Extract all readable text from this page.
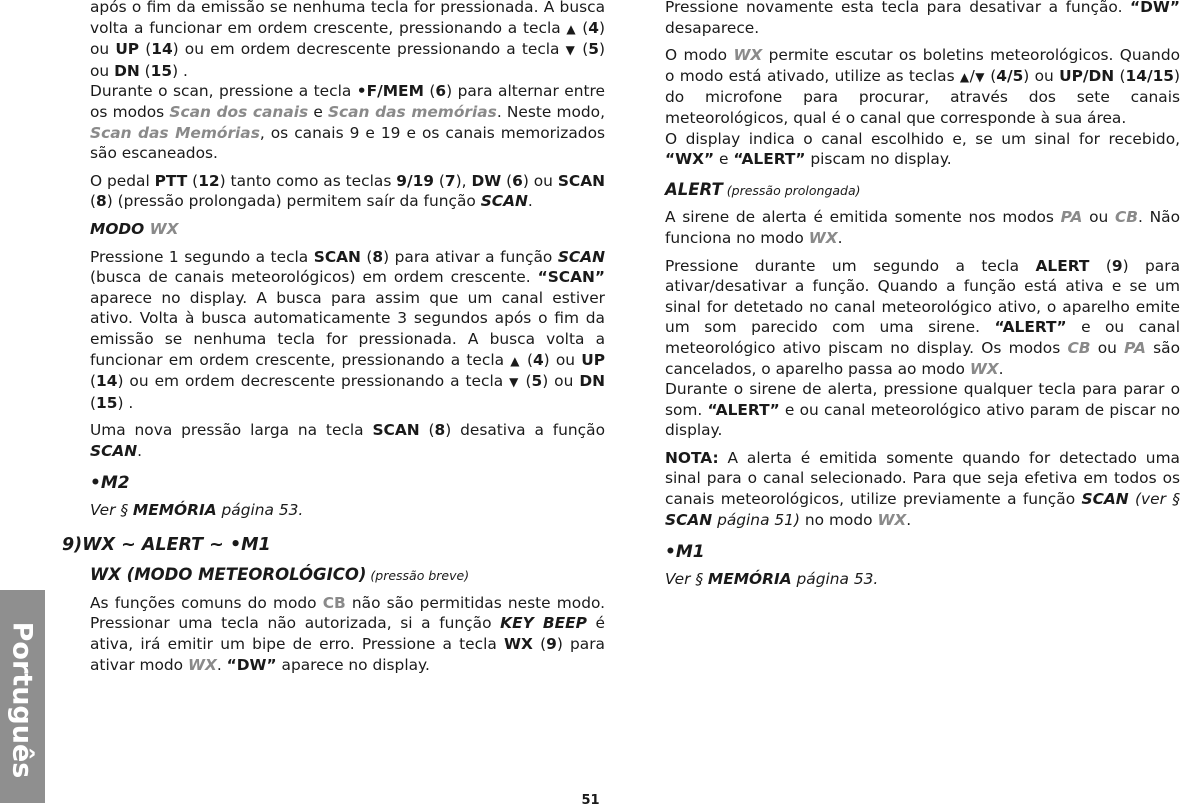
Português
após o fim da emissão se nenhuma tecla for pressionada. A busca volta a funcionar em ordem crescente, pressionando a tecla ▲ (4) ou UP (14) ou em ordem decrescente pressionando a tecla ▼ (5) ou DN (15) .
Durante o scan, pressione a tecla •F/MEM (6) para alternar entre os modos Scan dos canais e Scan das memórias. Neste modo, Scan das Memórias, os canais 9 e 19 e os canais memorizados são escaneados.
O pedal PTT (12) tanto como as teclas 9/19 (7), DW (6) ou SCAN (8) (pressão prolongada) permitem saír da função SCAN.
MODO WX
Pressione 1 segundo a tecla SCAN (8) para ativar a função SCAN (busca de canais meteorológicos) em ordem crescente. “SCAN” aparece no display. A busca para assim que um canal estiver ativo. Volta à busca automaticamente 3 segundos após o fim da emissão se nenhuma tecla for pressionada. A busca volta a funcionar em ordem crescente, pressionando a tecla ▲ (4) ou UP (14) ou em ordem decrescente pressionando a tecla ▼ (5) ou DN (15) .
Uma nova pressão larga na tecla SCAN (8) desativa a função SCAN.
•M2
Ver § MEMÓRIA página 53.
9)WX ~ ALERT ~ •M1
WX (MODO METEOROLÓGICO) (pressão breve)
As funções comuns do modo CB não são permitidas neste modo. Pressionar uma tecla não autorizada, si a função KEY BEEP é ativa, irá emitir um bipe de erro. Pressione a tecla WX (9) para ativar modo WX. “DW” aparece no display.
Pressione novamente esta tecla para desativar a função. “DW” desaparece.
O modo WX permite escutar os boletins meteorológicos. Quando o modo está ativado, utilize as teclas ▲/▼ (4/5) ou UP/DN (14/15) do microfone para procurar, através dos sete canais meteorológicos, qual é o canal que corresponde à sua área.
O display indica o canal escolhido e, se um sinal for recebido, “WX” e “ALERT” piscam no display.
ALERT (pressão prolongada)
A sirene de alerta é emitida somente nos modos PA ou CB. Não funciona no modo WX.
Pressione durante um segundo a tecla ALERT (9) para ativar/desativar a função. Quando a função está ativa e se um sinal for detetado no canal meteorológico ativo, o aparelho emite um som parecido com uma sirene. “ALERT” e ou canal meteorológico ativo piscam no display. Os modos CB ou PA são cancelados, o aparelho passa ao modo WX.
Durante o sirene de alerta, pressione qualquer tecla para parar o som. “ALERT” e ou canal meteorológico ativo param de piscar no display.
NOTA: A alerta é emitida somente quando for detectado uma sinal para o canal selecionado. Para que seja efetiva em todos os canais meteorológicos, utilize previamente a função SCAN (ver § SCAN página 51) no modo WX.
•M1
Ver § MEMÓRIA página 53.
51
